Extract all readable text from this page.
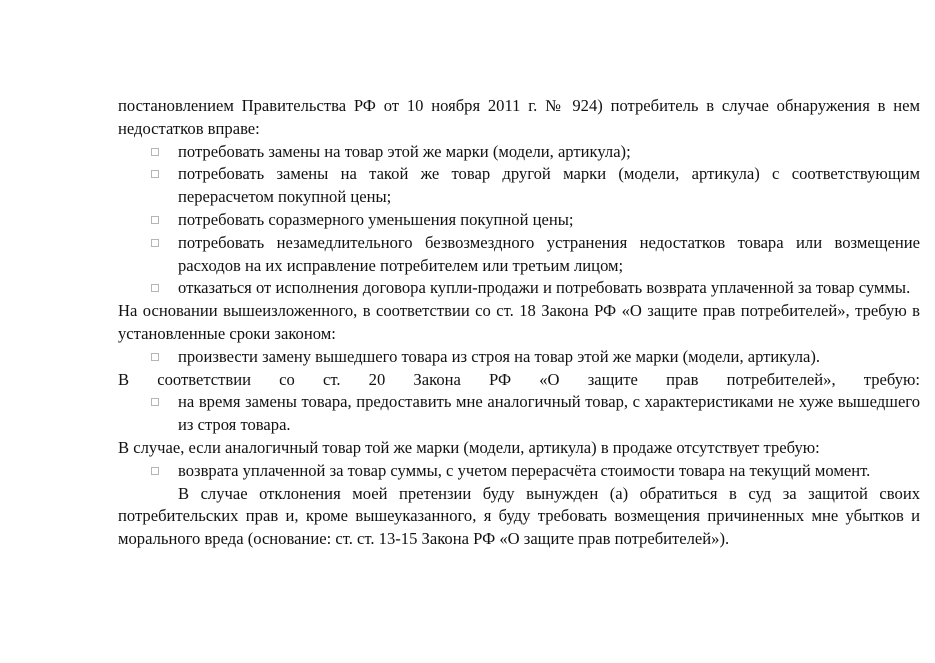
постановлением Правительства РФ от 10 ноября 2011 г. № 924) потребитель в случае обнаружения в нем недостатков вправе:

потребовать замены на товар этой же марки (модели, артикула);
потребовать замены на такой же товар другой марки (модели, артикула) с соответствующим перерасчетом покупной цены;
потребовать соразмерного уменьшения покупной цены;
потребовать незамедлительного безвозмездного устранения недостатков товара или возмещение расходов на их исправление потребителем или третьим лицом;
отказаться от исполнения договора купли-продажи и потребовать возврата уплаченной за товар суммы.

На основании вышеизложенного, в соответствии со ст. 18 Закона РФ «О защите прав потребителей», требую в установленные сроки законом:

произвести замену вышедшего товара из строя на товар этой же марки (модели, артикула).

В соответствии со ст. 20 Закона РФ «О защите прав потребителей», требую:

на время замены товара, предоставить мне аналогичный товар, с характеристиками не хуже вышедшего из строя товара.

В случае, если аналогичный товар той же марки (модели, артикула) в продаже отсутствует требую:

возврата уплаченной за товар суммы, с учетом перерасчёта стоимости товара на текущий момент.

В случае отклонения моей претензии буду вынужден (а) обратиться в суд за защитой своих потребительских прав и, кроме вышеуказанного, я буду требовать возмещения причиненных мне убытков и морального вреда (основание: ст. ст. 13-15 Закона РФ «О защите прав потребителей»).
